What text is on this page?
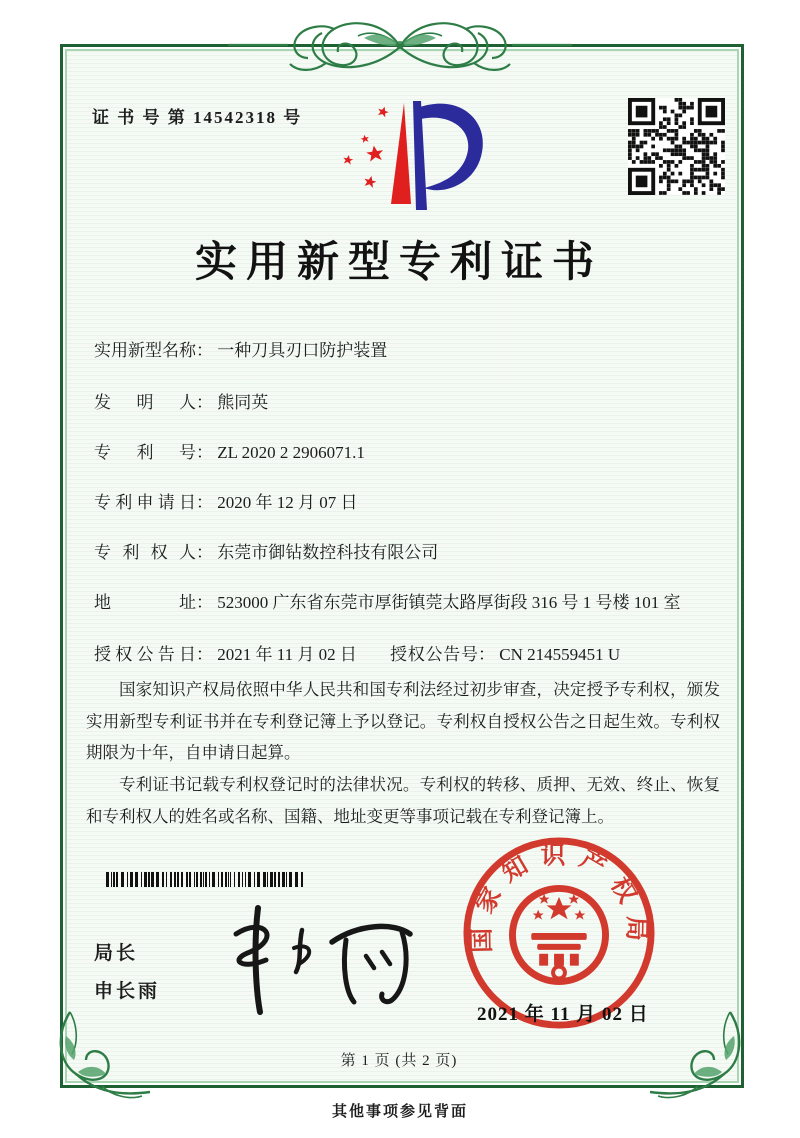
证 书 号 第 14542318 号
实用新型专利证书
实用新型名称： 一种刀具刃口防护装置
发明人： 熊同英
专利号： ZL 2020 2 2906071.1
专利申请日： 2020 年 12 月 07 日
专利权人： 东莞市御钻数控科技有限公司
地址： 523000 广东省东莞市厚街镇莞太路厚街段 316 号 1 号楼 101 室
授权公告日： 2021 年 11 月 02 日 授权公告号： CN 214559451 U

国家知识产权局依照中华人民共和国专利法经过初步审查，决定授予专利权，颁发实用新型专利证书并在专利登记簿上予以登记。专利权自授权公告之日起生效。专利权期限为十年，自申请日起算。

专利证书记载专利权登记时的法律状况。专利权的转移、质押、无效、终止、恢复和专利权人的姓名或名称、国籍、地址变更等事项记载在专利登记簿上。

局长
申长雨
国家知识产权局
2021 年 11 月 02 日
第 1 页 (共 2 页)
其他事项参见背面
